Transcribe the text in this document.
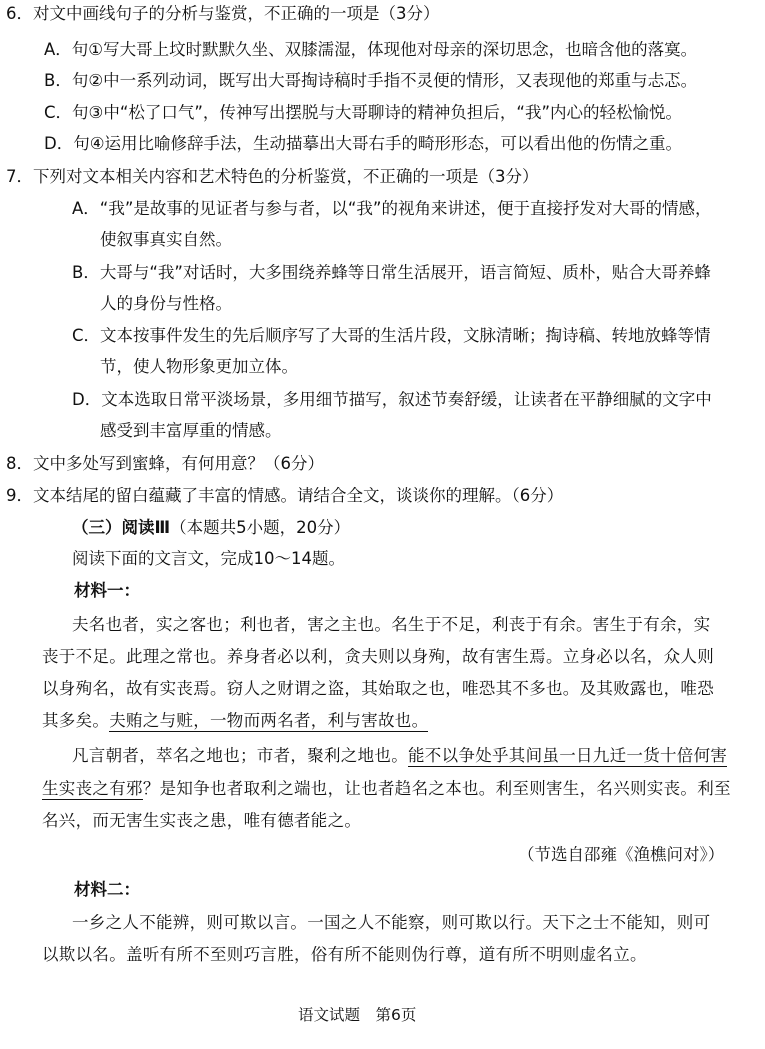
6．对文中画线句子的分析与鉴赏，不正确的一项是（3分）
A．句①写大哥上坟时默默久坐、双膝濡湿，体现他对母亲的深切思念，也暗含他的落寞。
B．句②中一系列动词，既写出大哥掏诗稿时手指不灵便的情形，又表现他的郑重与忐忑。
C．句③中“松了口气”，传神写出摆脱与大哥聊诗的精神负担后，“我”内心的轻松愉悦。
D．句④运用比喻修辞手法，生动描摹出大哥右手的畸形形态，可以看出他的伤情之重。
7．下列对文本相关内容和艺术特色的分析鉴赏，不正确的一项是（3分）
A．“我”是故事的见证者与参与者，以“我”的视角来讲述，便于直接抒发对大哥的情感，
使叙事真实自然。
B．大哥与“我”对话时，大多围绕养蜂等日常生活展开，语言简短、质朴，贴合大哥养蜂
人的身份与性格。
C．文本按事件发生的先后顺序写了大哥的生活片段，文脉清晰；掏诗稿、转地放蜂等情
节，使人物形象更加立体。
D．文本选取日常平淡场景，多用细节描写，叙述节奏舒缓，让读者在平静细腻的文字中
感受到丰富厚重的情感。
8．文中多处写到蜜蜂，有何用意？（6分）
9．文本结尾的留白蕴藏了丰富的情感。请结合全文，谈谈你的理解。（6分）
（三）阅读Ⅲ（本题共5小题，20分）
阅读下面的文言文，完成10～14题。
材料一：
夫名也者，实之客也；利也者，害之主也。名生于不足，利丧于有余。害生于有余，实
丧于不足。此理之常也。养身者必以利，贪夫则以身殉，故有害生焉。立身必以名，众人则
以身殉名，故有实丧焉。窃人之财谓之盗，其始取之也，唯恐其不多也。及其败露也，唯恐
其多矣。夫贿之与赃，一物而两名者，利与害故也。
凡言朝者，萃名之地也；市者，聚利之地也。能不以争处乎其间虽一日九迁一货十倍何害
生实丧之有邪？是知争也者取利之端也，让也者趋名之本也。利至则害生，名兴则实丧。利至
名兴，而无害生实丧之患，唯有德者能之。
（节选自邵雍《渔樵问对》）
材料二：
一乡之人不能辨，则可欺以言。一国之人不能察，则可欺以行。天下之士不能知，则可
以欺以名。盖听有所不至则巧言胜，俗有所不能则伪行尊，道有所不明则虚名立。
语文试题　第6页
